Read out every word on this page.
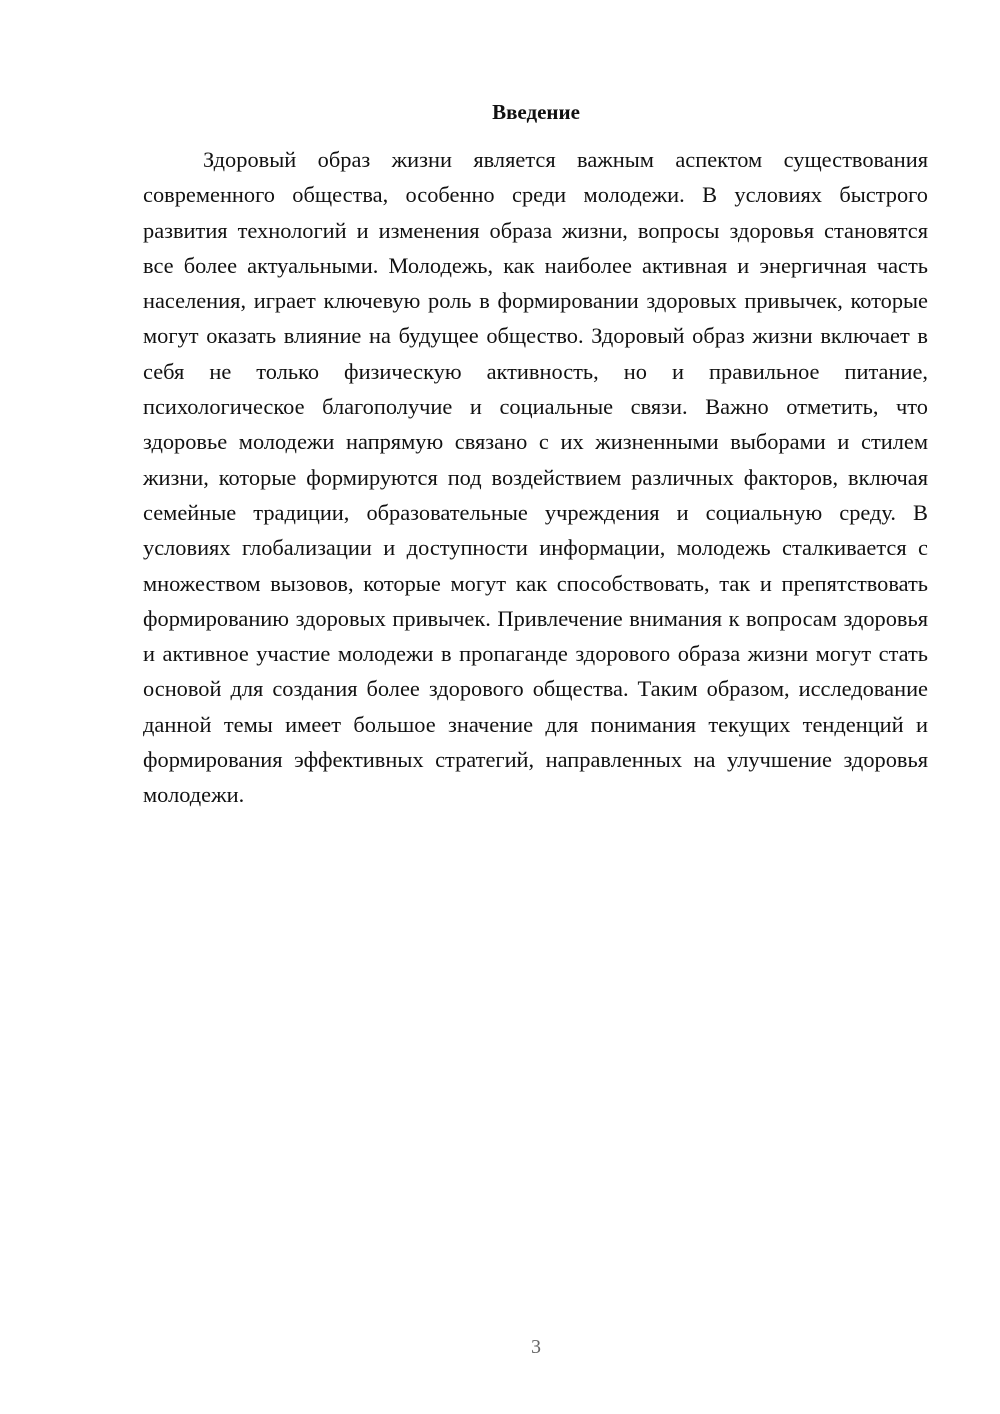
Введение

Здоровый образ жизни является важным аспектом существования современного общества, особенно среди молодежи. В условиях быстрого развития технологий и изменения образа жизни, вопросы здоровья становятся все более актуальными. Молодежь, как наиболее активная и энергичная часть населения, играет ключевую роль в формировании здоровых привычек, которые могут оказать влияние на будущее общество. Здоровый образ жизни включает в себя не только физическую активность, но и правильное питание, психологическое благополучие и социальные связи. Важно отметить, что здоровье молодежи напрямую связано с их жизненными выборами и стилем жизни, которые формируются под воздействием различных факторов, включая семейные традиции, образовательные учреждения и социальную среду. В условиях глобализации и доступности информации, молодежь сталкивается с множеством вызовов, которые могут как способствовать, так и препятствовать формированию здоровых привычек. Привлечение внимания к вопросам здоровья и активное участие молодежи в пропаганде здорового образа жизни могут стать основой для создания более здорового общества. Таким образом, исследование данной темы имеет большое значение для понимания текущих тенденций и формирования эффективных стратегий, направленных на улучшение здоровья молодежи.

3
